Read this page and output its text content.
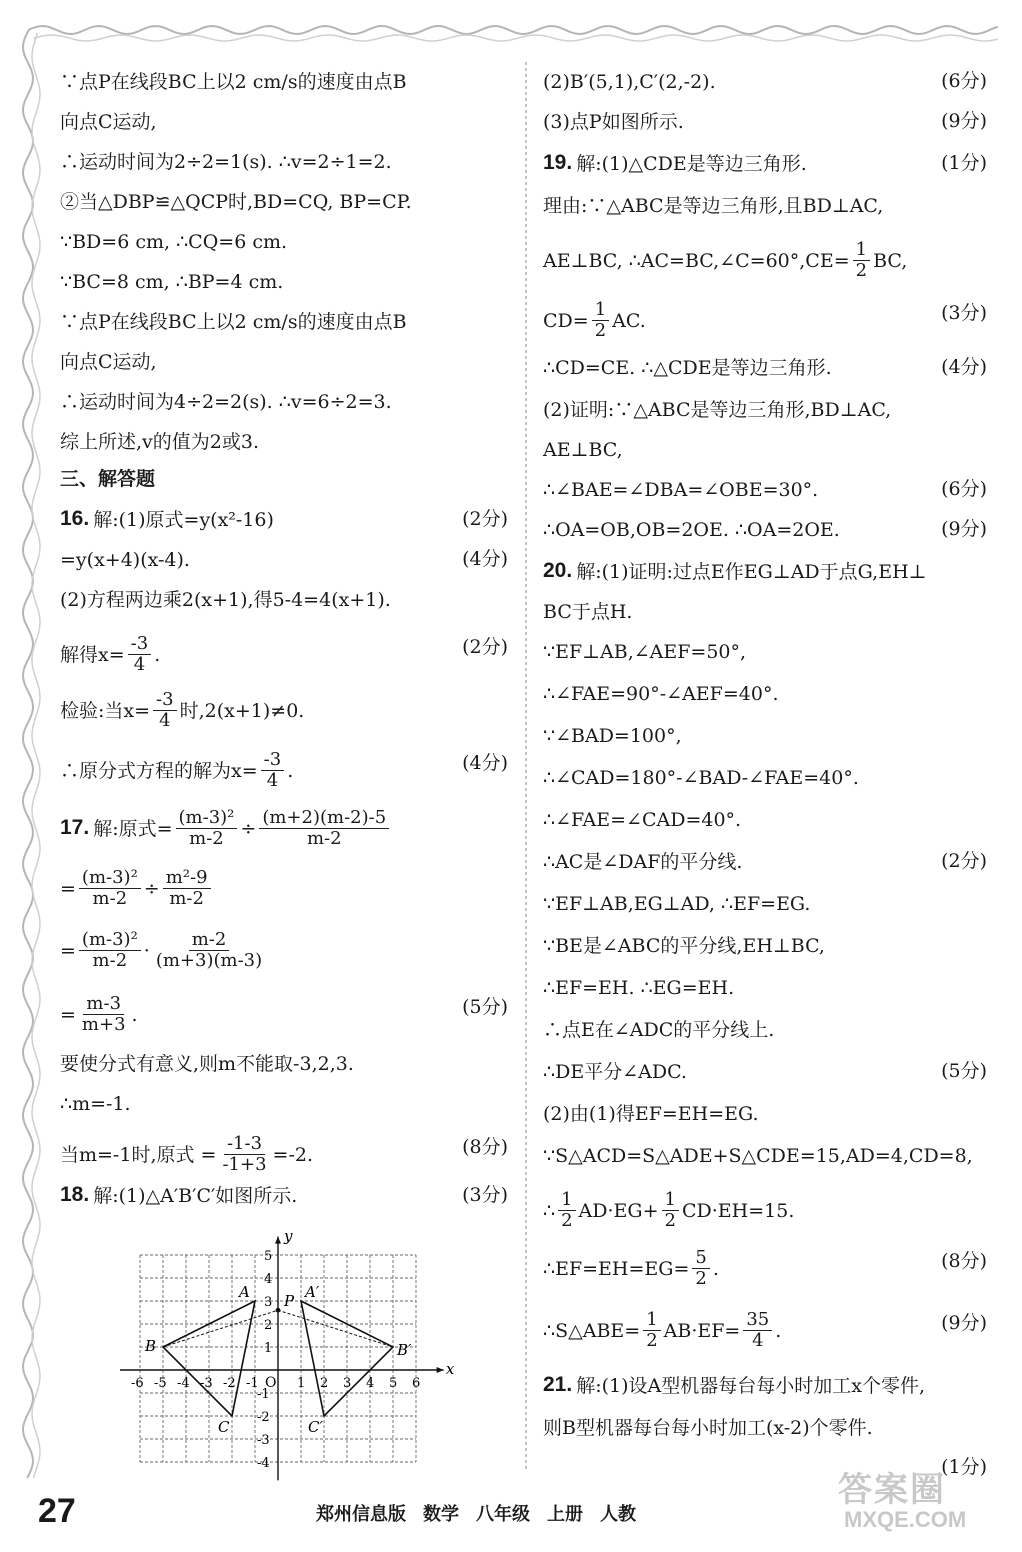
∵点P在线段BC上以2 cm/s的速度由点B
向点C运动,
∴运动时间为2÷2=1(s). ∴v=2÷1=2.
②当△DBP≌△QCP时,BD=CQ, BP=CP.
∵BD=6 cm, ∴CQ=6 cm.
∵BC=8 cm, ∴BP=4 cm.
∵点P在线段BC上以2 cm/s的速度由点B
向点C运动,
∴运动时间为4÷2=2(s). ∴v=6÷2=3.
综上所述,v的值为2或3.
三、解答题
16. 解:(1)原式=y(x²-16)	(2分)
=y(x+4)(x-4).	(4分)
(2)方程两边乘2(x+1),得5-4=4(x+1).
解得$x= \frac{-3}{4}$ .	(2分)
检验:当$x= \frac{-3}{4}$ 时,2(x+1)≠0.
∴原分式方程的解为$x= \frac{-3}{4}$ .	(4分)
17. 解:原式= $\frac{\text{(m-3)²}}{m-2} \div \frac{(m+2)(m-2)-5}{m-2}$
= $\frac{\text{(m-3)²}}{m-2} \div \frac{\text{m²-9}}{m-2}$
= $\frac{\text{(m-3)²}}{m-2} \cdot \frac{m-2}{(m+3)(m-3)}$
= $\frac{m-3}{m+3}$ .	(5分)
要使分式有意义,则m不能取-3,2,3.
∴m=-1.
当m=-1时,原式 = $\frac{-1-3}{-1+3} =-2$.	(8分)
18. 解:(1)△A′B′C′如图所示.	(3分)
(2)B′(5,1),C′(2,-2).	(6分)
(3)点P如图所示.	(9分)
19. 解:(1)△CDE是等边三角形.	(1分)
理由:∵△ABC是等边三角形,且BD⊥AC,
AE⊥BC, ∴AC=BC,∠C=60°,CE= $\frac{1}{2}$ BC,
$CD= \frac{1}{2}$ AC.	(3分)
∴CD=CE. ∴△CDE是等边三角形.	(4分)
(2)证明:∵△ABC是等边三角形,BD⊥AC,
AE⊥BC,
∴∠BAE=∠DBA=∠OBE=30°.	(6分)
∴OA=OB,OB=2OE. ∴OA=2OE.	(9分)
20. 解:(1)证明:过点E作EG⊥AD于点G,EH⊥
BC于点H.
∵EF⊥AB,∠AEF=50°,
∴∠FAE=90°-∠AEF=40°.
∵∠BAD=100°,
∴∠CAD=180°-∠BAD-∠FAE=40°.
∴∠FAE=∠CAD=40°.
∴AC是∠DAF的平分线.	(2分)
∵EF⊥AB,EG⊥AD, ∴EF=EG.
∵BE是∠ABC的平分线,EH⊥BC,
∴EF=EH. ∴EG=EH.
∴点E在∠ADC的平分线上.
∴DE平分∠ADC.	(5分)
(2)由(1)得EF=EH=EG.
∵S△ACD=S△ADE+S△CDE=15,AD=4,CD=8,
∴ $\frac{1}{2} AD\cdot EG+ \frac{1}{2} CD\cdot EH=15$.
∴EF=EH=EG= $\frac{5}{2}$ .	(8分)
∴S△ABE= $\frac{1}{2} AB\cdot EF= \frac{35}{4}$ .	(9分)
21. 解:(1)设A型机器每台每小时加工x个零件,
则B型机器每台每小时加工(x-2)个零件.
(1分)
x
y
O
-6 -5 -4 -3 -2 -1	1 2 3 4 5 6
5
4
3
2
1
-1
-2
-3
-4
A
B
C
A′
B′
C′
P
27	郑州信息版 数学 八年级 上册 人教
答案圈
MXQE.COM
